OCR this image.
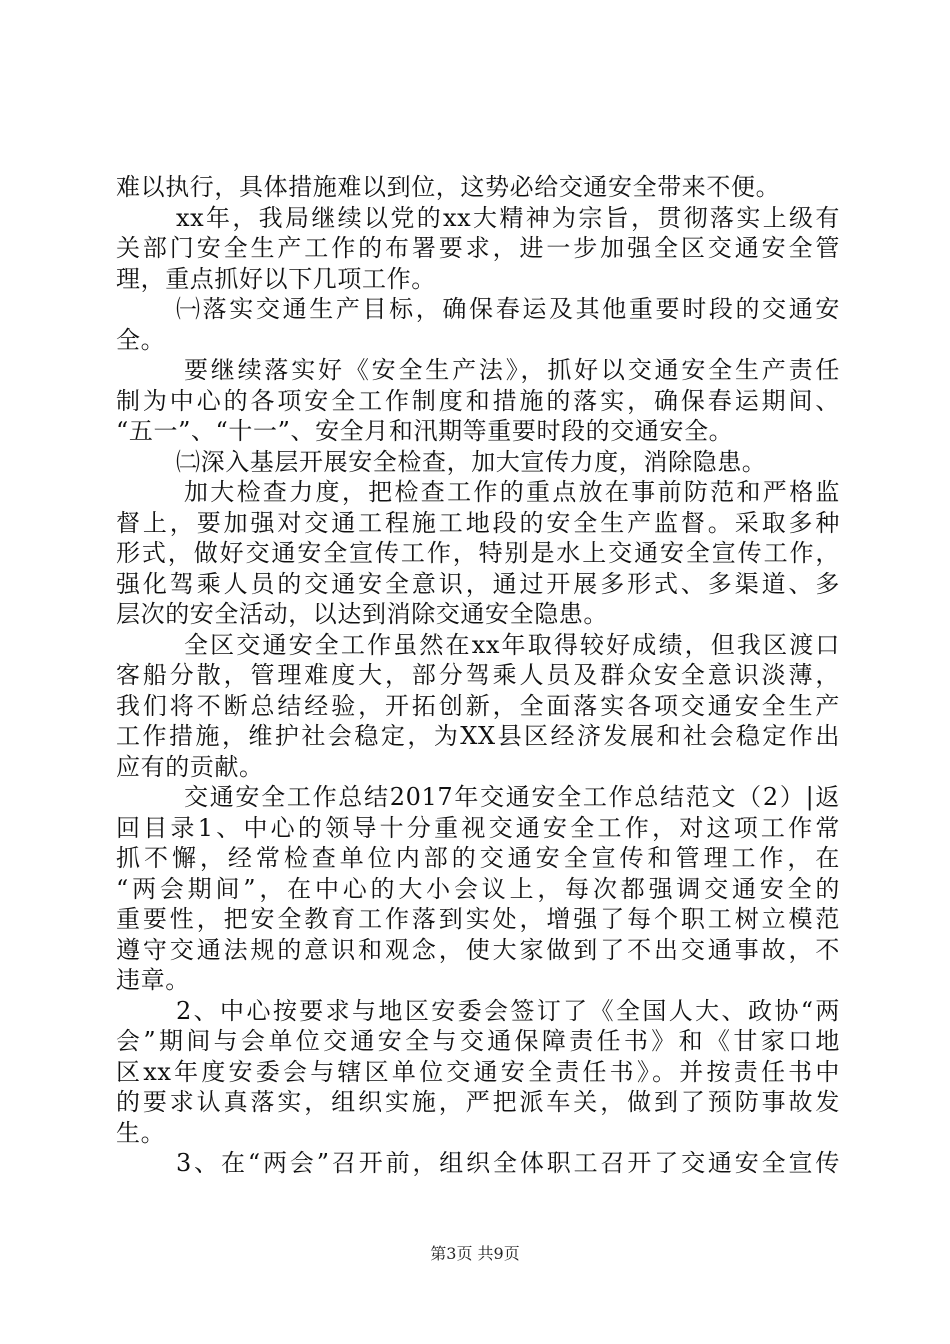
难以执行，具体措施难以到位，这势必给交通安全带来不便。
xx年，我局继续以党的xx大精神为宗旨，贯彻落实上级有
关部门安全生产工作的布署要求，进一步加强全区交通安全管
理，重点抓好以下几项工作。
㈠落实交通生产目标，确保春运及其他重要时段的交通安
全。
要继续落实好《安全生产法》，抓好以交通安全生产责任
制为中心的各项安全工作制度和措施的落实，确保春运期间、
“五一”、“十一”、安全月和汛期等重要时段的交通安全。
㈡深入基层开展安全检查，加大宣传力度，消除隐患。
加大检查力度，把检查工作的重点放在事前防范和严格监
督上，要加强对交通工程施工地段的安全生产监督。采取多种
形式，做好交通安全宣传工作，特别是水上交通安全宣传工作，
强化驾乘人员的交通安全意识，通过开展多形式、多渠道、多
层次的安全活动，以达到消除交通安全隐患。
全区交通安全工作虽然在xx年取得较好成绩，但我区渡口
客船分散，管理难度大，部分驾乘人员及群众安全意识淡薄，
我们将不断总结经验，开拓创新，全面落实各项交通安全生产
工作措施，维护社会稳定，为XX县区经济发展和社会稳定作出
应有的贡献。
交通安全工作总结2017年交通安全工作总结范文（2）|返
回目录1、中心的领导十分重视交通安全工作，对这项工作常
抓不懈，经常检查单位内部的交通安全宣传和管理工作，在
“两会期间”，在中心的大小会议上，每次都强调交通安全的
重要性，把安全教育工作落到实处，增强了每个职工树立模范
遵守交通法规的意识和观念，使大家做到了不出交通事故，不
违章。
2、中心按要求与地区安委会签订了《全国人大、政协“两
会”期间与会单位交通安全与交通保障责任书》和《甘家口地
区xx年度安委会与辖区单位交通安全责任书》。并按责任书中
的要求认真落实，组织实施，严把派车关，做到了预防事故发
生。
3、在“两会”召开前，组织全体职工召开了交通安全宣传
第3页 共9页
